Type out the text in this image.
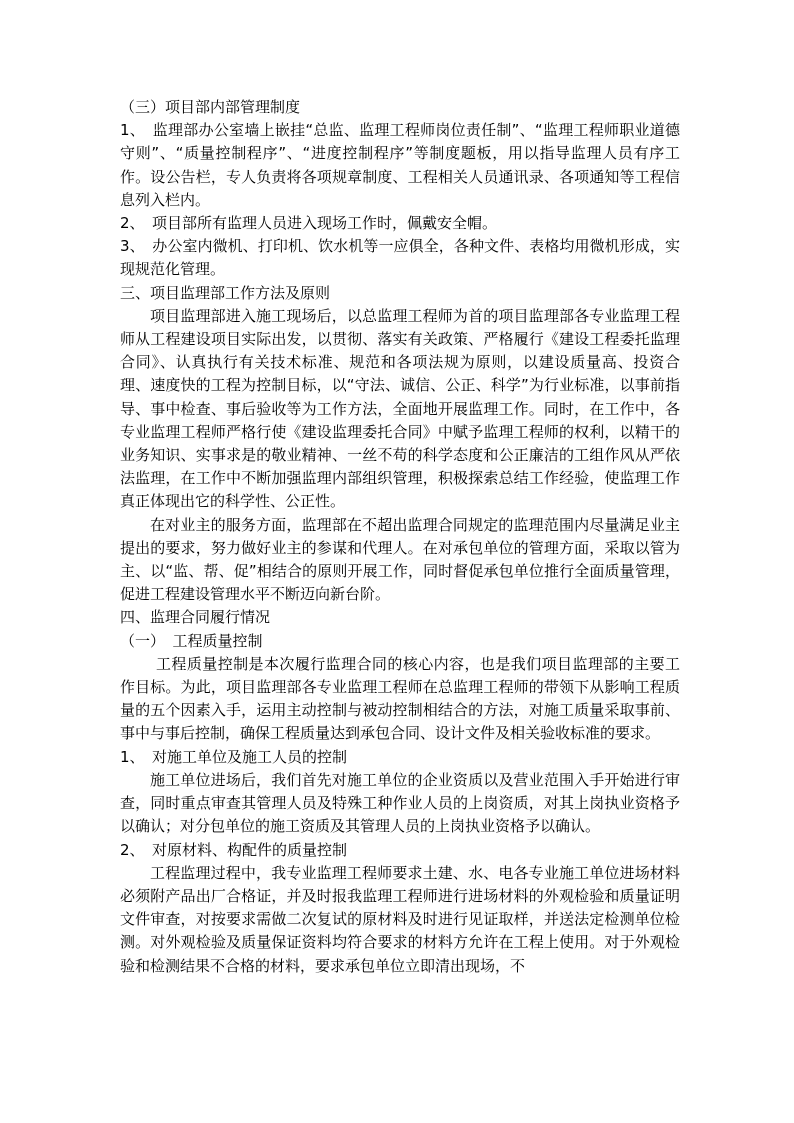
（三）项目部内部管理制度

1、　监理部办公室墙上嵌挂“总监、监理工程师岗位责任制”、“监理工程师职业道德守则”、“质量控制程序”、“进度控制程序”等制度题板，用以指导监理人员有序工作。设公告栏，专人负责将各项规章制度、工程相关人员通讯录、各项通知等工程信息列入栏内。

2、　项目部所有监理人员进入现场工作时，佩戴安全帽。

3、　办公室内微机、打印机、饮水机等一应俱全，各种文件、表格均用微机形成，实现规范化管理。

三、项目监理部工作方法及原则

项目监理部进入施工现场后，以总监理工程师为首的项目监理部各专业监理工程师从工程建设项目实际出发，以贯彻、落实有关政策、严格履行《建设工程委托监理合同》、认真执行有关技术标准、规范和各项法规为原则，以建设质量高、投资合理、速度快的工程为控制目标，以“守法、诚信、公正、科学”为行业标准，以事前指导、事中检查、事后验收等为工作方法，全面地开展监理工作。同时，在工作中，各专业监理工程师严格行使《建设监理委托合同》中赋予监理工程师的权利，以精干的业务知识、实事求是的敬业精神、一丝不苟的科学态度和公正廉洁的工组作风从严依法监理，在工作中不断加强监理内部组织管理，积极探索总结工作经验，使监理工作真正体现出它的科学性、公正性。

在对业主的服务方面，监理部在不超出监理合同规定的监理范围内尽量满足业主提出的要求，努力做好业主的参谋和代理人。在对承包单位的管理方面，采取以管为主、以“监、帮、促”相结合的原则开展工作，同时督促承包单位推行全面质量管理，促进工程建设管理水平不断迈向新台阶。

四、监理合同履行情况

（一）　工程质量控制

工程质量控制是本次履行监理合同的核心内容，也是我们项目监理部的主要工作目标。为此，项目监理部各专业监理工程师在总监理工程师的带领下从影响工程质量的五个因素入手，运用主动控制与被动控制相结合的方法，对施工质量采取事前、事中与事后控制，确保工程质量达到承包合同、设计文件及相关验收标准的要求。

1、　对施工单位及施工人员的控制

施工单位进场后，我们首先对施工单位的企业资质以及营业范围入手开始进行审查，同时重点审查其管理人员及特殊工种作业人员的上岗资质，对其上岗执业资格予以确认；对分包单位的施工资质及其管理人员的上岗执业资格予以确认。

2、　对原材料、构配件的质量控制

工程监理过程中，我专业监理工程师要求土建、水、电各专业施工单位进场材料必须附产品出厂合格证，并及时报我监理工程师进行进场材料的外观检验和质量证明文件审查，对按要求需做二次复试的原材料及时进行见证取样，并送法定检测单位检测。对外观检验及质量保证资料均符合要求的材料方允许在工程上使用。对于外观检验和检测结果不合格的材料，要求承包单位立即清出现场，不
